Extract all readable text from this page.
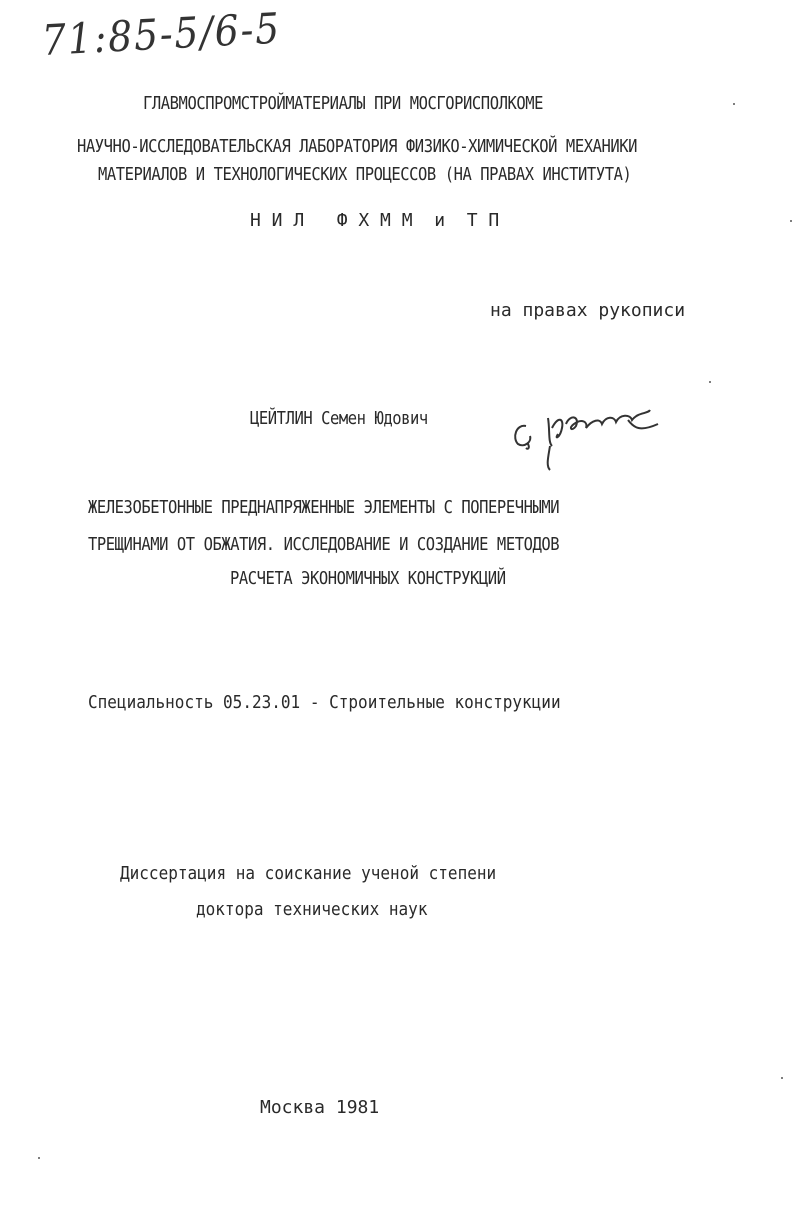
71:85-5/6-5
ГЛАВМОСПРОМСТРОЙМАТЕРИАЛЫ ПРИ МОСГОРИСПОЛКОМЕ
НАУЧНО-ИССЛЕДОВАТЕЛЬСКАЯ ЛАБОРАТОРИЯ ФИЗИКО-ХИМИЧЕСКОЙ МЕХАНИКИ
МАТЕРИАЛОВ И ТЕХНОЛОГИЧЕСКИХ ПРОЦЕССОВ (НА ПРАВАХ ИНСТИТУТА)
Н И Л   Ф Х М М  и  Т П
на правах рукописи
ЦЕЙТЛИН Семен Юдович
ЖЕЛЕЗОБЕТОННЫЕ ПРЕДНАПРЯЖЕННЫЕ ЭЛЕМЕНТЫ С ПОПЕРЕЧНЫМИ
ТРЕЩИНАМИ ОТ ОБЖАТИЯ. ИССЛЕДОВАНИЕ И СОЗДАНИЕ МЕТОДОВ
РАСЧЕТА ЭКОНОМИЧНЫХ КОНСТРУКЦИЙ
Специальность 05.23.01 - Строительные конструкции
Диссертация на соискание ученой степени
доктора технических наук
Москва 1981
